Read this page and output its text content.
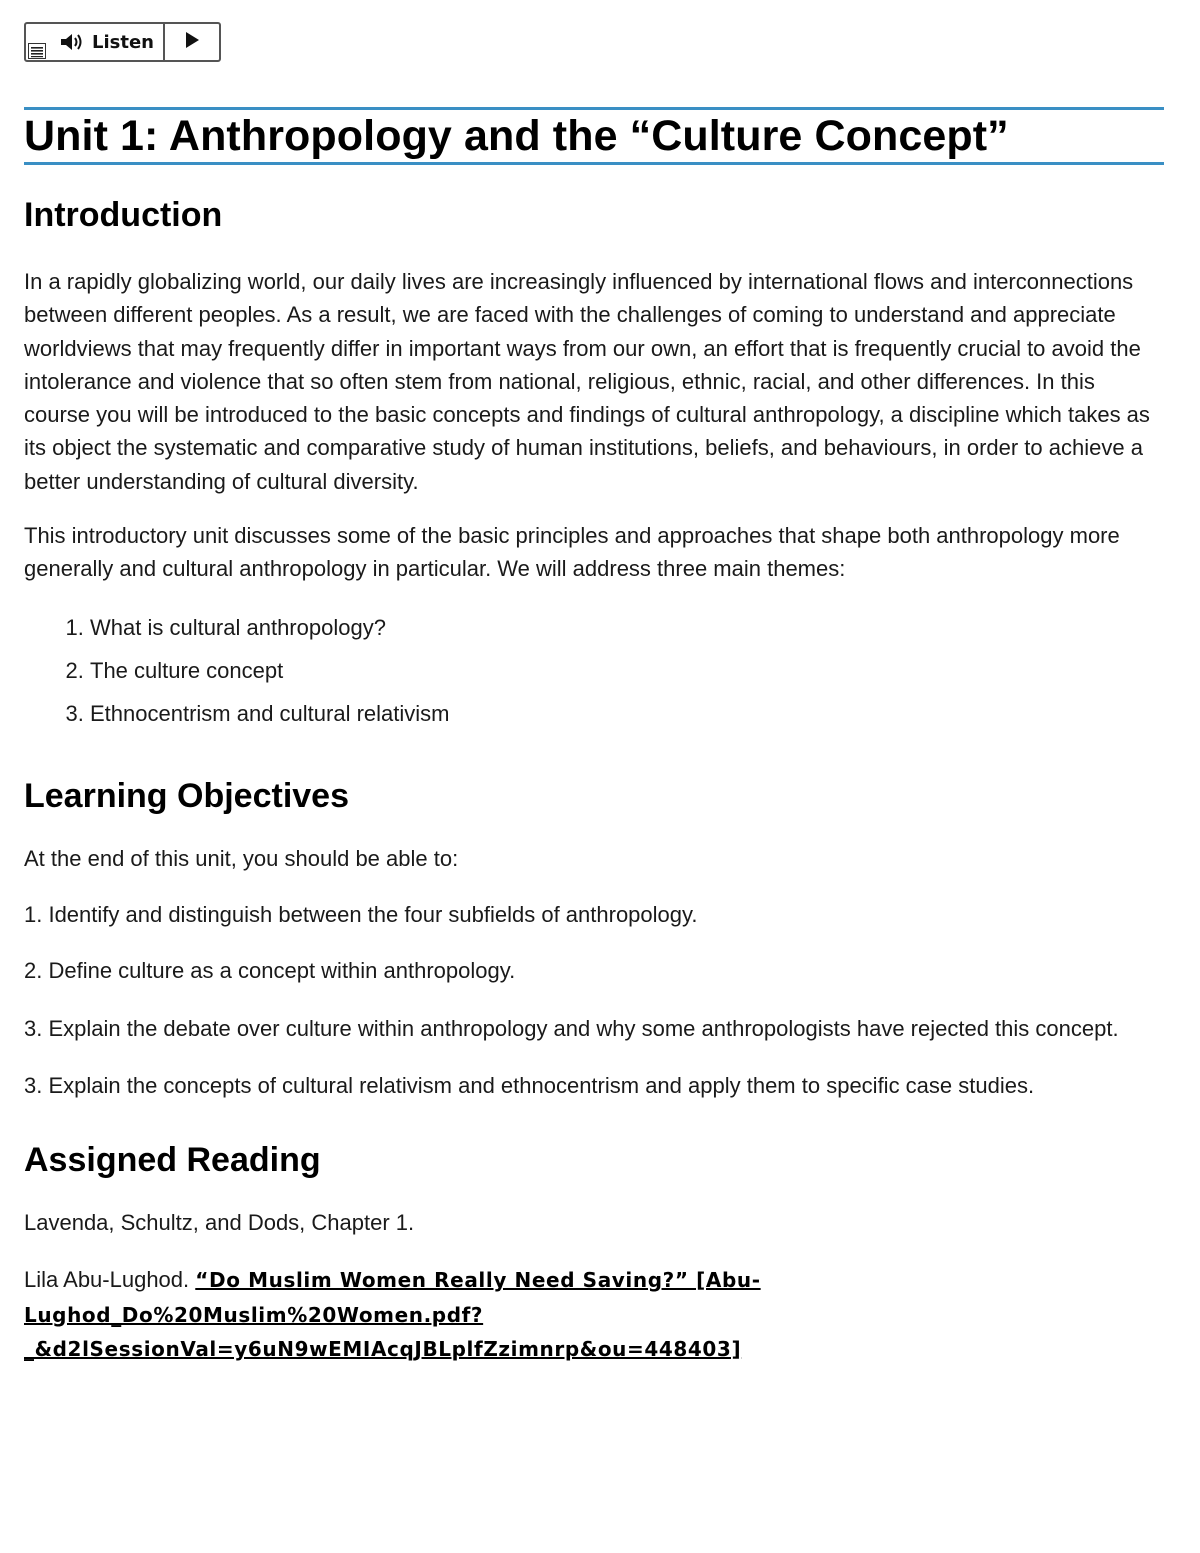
Listen
Unit 1: Anthropology and the “Culture Concept”
Introduction

In a rapidly globalizing world, our daily lives are increasingly influenced by international flows and interconnections between different peoples. As a result, we are faced with the challenges of coming to understand and appreciate worldviews that may frequently differ in important ways from our own, an effort that is frequently crucial to avoid the intolerance and violence that so often stem from national, religious, ethnic, racial, and other differences. In this course you will be introduced to the basic concepts and findings of cultural anthropology, a discipline which takes as its object the systematic and comparative study of human institutions, beliefs, and behaviours, in order to achieve a better understanding of cultural diversity.

This introductory unit discusses some of the basic principles and approaches that shape both anthropology more generally and cultural anthropology in particular. We will address three main themes:

1. What is cultural anthropology?
2. The culture concept
3. Ethnocentrism and cultural relativism
Learning Objectives

At the end of this unit, you should be able to:

1. Identify and distinguish between the four subfields of anthropology.

2. Define culture as a concept within anthropology.

3. Explain the debate over culture within anthropology and why some anthropologists have rejected this concept.

3. Explain the concepts of cultural relativism and ethnocentrism and apply them to specific case studies.

Assigned Reading

Lavenda, Schultz, and Dods, Chapter 1.

Lila Abu-Lughod. “Do Muslim Women Really Need Saving?” [Abu-
Lughod_Do%20Muslim%20Women.pdf?
_&d2lSessionVal=y6uN9wEMIAcqJBLplfZzimnrp&ou=448403]
